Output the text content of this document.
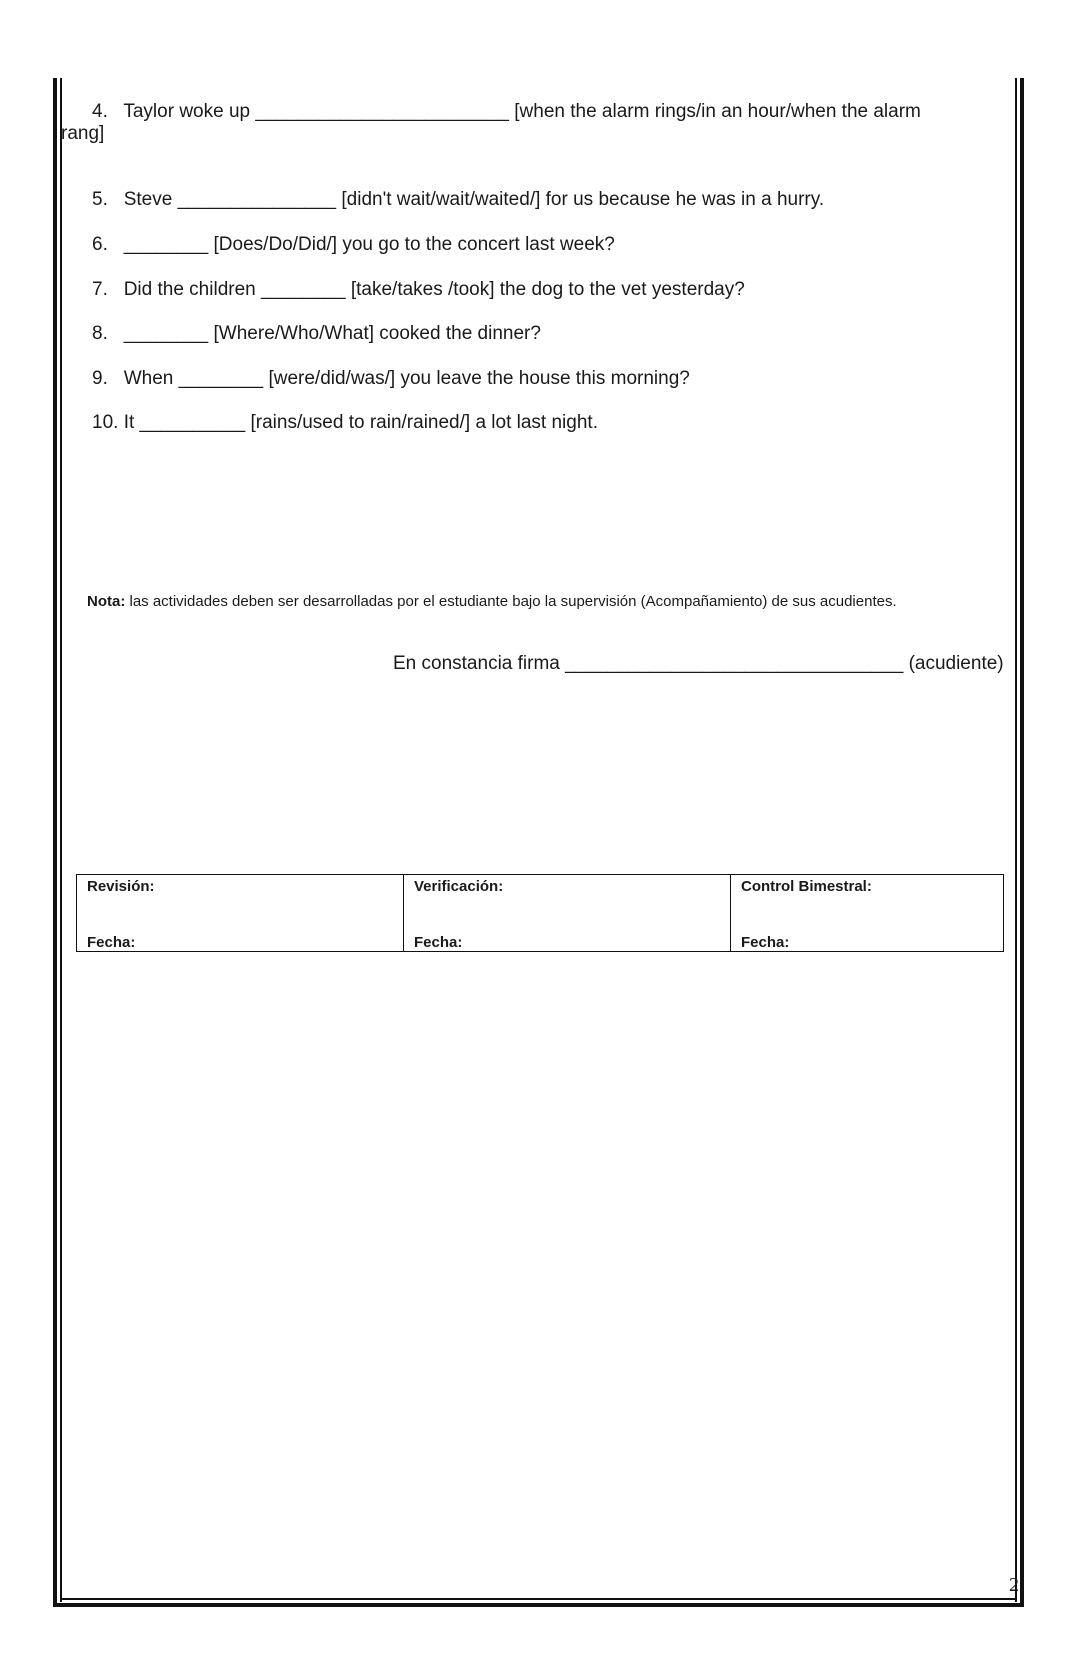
4. Taylor woke up ________________________ [when the alarm rings/in an hour/when the alarm
rang]
5. Steve _______________ [didn't wait/wait/waited/] for us because he was in a hurry.
6. ________ [Does/Do/Did/] you go to the concert last week?
7. Did the children ________ [take/takes /took] the dog to the vet yesterday?
8. ________ [Where/Who/What] cooked the dinner?
9. When ________ [were/did/was/] you leave the house this morning?
10. It __________ [rains/used to rain/rained/] a lot last night.
Nota: las actividades deben ser desarrolladas por el estudiante bajo la supervisión (Acompañamiento) de sus acudientes.
En constancia firma ________________________________ (acudiente)
Revisión:
Fecha:
Verificación:
Fecha:
Control Bimestral:
Fecha:
2
